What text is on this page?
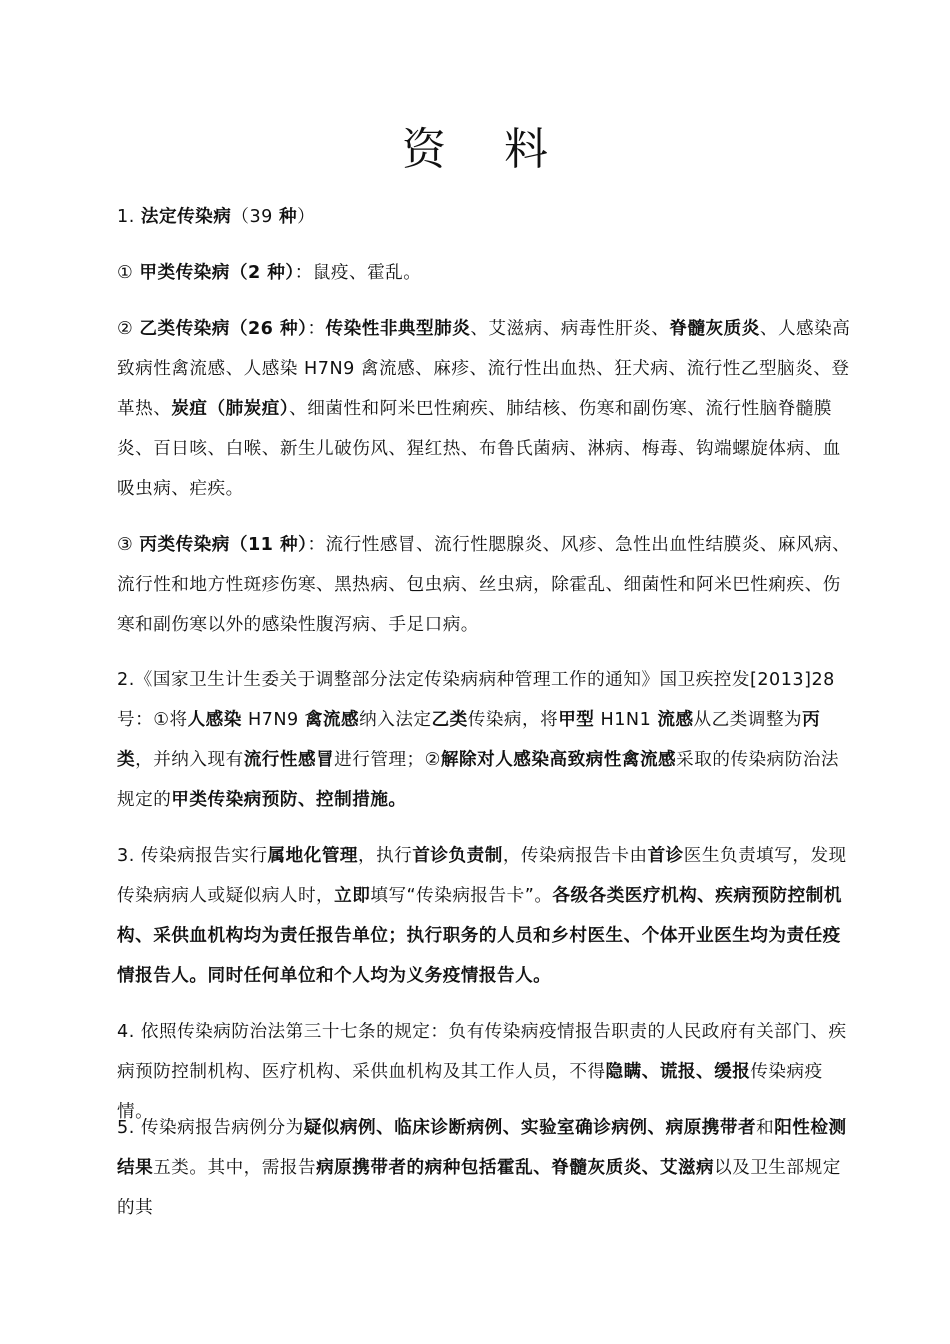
资 料
1. 法定传染病（39 种）
① 甲类传染病（2 种）：鼠疫、霍乱。
② 乙类传染病（26 种）：传染性非典型肺炎、艾滋病、病毒性肝炎、脊髓灰质炎、人感染高致病性禽流感、人感染 H7N9 禽流感、麻疹、流行性出血热、狂犬病、流行性乙型脑炎、登革热、炭疽（肺炭疽）、细菌性和阿米巴性痢疾、肺结核、伤寒和副伤寒、流行性脑脊髓膜炎、百日咳、白喉、新生儿破伤风、猩红热、布鲁氏菌病、淋病、梅毒、钩端螺旋体病、血吸虫病、疟疾。
③ 丙类传染病（11 种）：流行性感冒、流行性腮腺炎、风疹、急性出血性结膜炎、麻风病、流行性和地方性斑疹伤寒、黑热病、包虫病、丝虫病，除霍乱、细菌性和阿米巴性痢疾、伤寒和副伤寒以外的感染性腹泻病、手足口病。
2.《国家卫生计生委关于调整部分法定传染病病种管理工作的通知》国卫疾控发[2013]28 号：①将人感染 H7N9 禽流感纳入法定乙类传染病，将甲型 H1N1 流感从乙类调整为丙类，并纳入现有流行性感冒进行管理；②解除对人感染高致病性禽流感采取的传染病防治法规定的甲类传染病预防、控制措施。
3. 传染病报告实行属地化管理，执行首诊负责制，传染病报告卡由首诊医生负责填写，发现传染病病人或疑似病人时，立即填写“传染病报告卡”。各级各类医疗机构、疾病预防控制机构、采供血机构均为责任报告单位；执行职务的人员和乡村医生、个体开业医生均为责任疫情报告人。同时任何单位和个人均为义务疫情报告人。
4. 依照传染病防治法第三十七条的规定：负有传染病疫情报告职责的人民政府有关部门、疾病预防控制机构、医疗机构、采供血机构及其工作人员，不得隐瞒、谎报、缓报传染病疫情。
5. 传染病报告病例分为疑似病例、临床诊断病例、实验室确诊病例、病原携带者和阳性检测结果五类。其中，需报告病原携带者的病种包括霍乱、脊髓灰质炎、艾滋病以及卫生部规定的其
